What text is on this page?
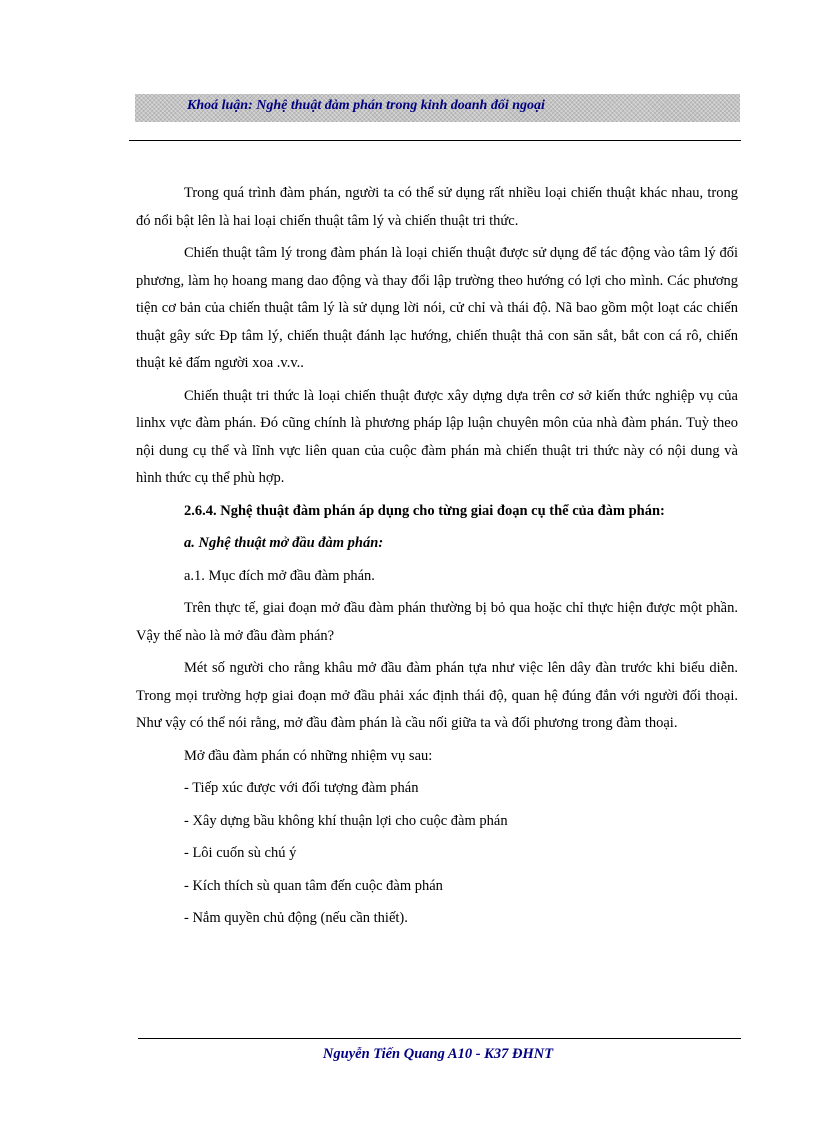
Khoá luận: Nghệ thuật đàm phán trong kinh doanh đối ngoại

Trong quá trình đàm phán, người ta có thể sử dụng rất nhiều loại chiến thuật khác nhau, trong đó nổi bật lên là hai loại chiến thuật tâm lý và chiến thuật tri thức.

Chiến thuật tâm lý trong đàm phán là loại chiến thuật được sử dụng để tác động vào tâm lý đối phương, làm họ hoang mang dao động và thay đổi lập trường theo hướng có lợi cho mình. Các phương tiện cơ bản của chiến thuật tâm lý là sử dụng lời nói, cử chỉ và thái độ. Nã bao gồm một loạt các chiến thuật gây sức Ðp tâm lý, chiến thuật đánh lạc hướng, chiến thuật thả con săn sắt, bắt con cá rô, chiến thuật kẻ đấm người xoa .v.v..

Chiến thuật tri thức là loại chiến thuật được xây dựng dựa trên cơ sở kiến thức nghiệp vụ của linhx vực đàm phán. Đó cũng chính là phương pháp lập luận chuyên môn của nhà đàm phán. Tuỳ theo nội dung cụ thể và lĩnh vực liên quan của cuộc đàm phán mà chiến thuật tri thức này có nội dung và hình thức cụ thể phù hợp.

2.6.4. Nghệ thuật đàm phán áp dụng cho từng giai đoạn cụ thể của đàm phán:

a. Nghệ thuật mở đầu đàm phán:

a.1. Mục đích mở đầu đàm phán.

Trên thực tế, giai đoạn mở đầu đàm phán thường bị bỏ qua hoặc chỉ thực hiện được một phần. Vậy thế nào là mở đầu đàm phán?

Mét số người cho rằng khâu mở đầu đàm phán tựa như việc lên dây đàn trước khi biểu diễn. Trong mọi trường hợp giai đoạn mở đầu phải xác định thái độ, quan hệ đúng đắn với người đối thoại. Như vậy có thể nói rằng, mở đầu đàm phán là cầu nối giữa ta và đối phương trong đàm thoại.

Mở đầu đàm phán có những nhiệm vụ sau:

- Tiếp xúc được với đối tượng đàm phán

- Xây dựng bầu không khí thuận lợi cho cuộc đàm phán

- Lôi cuốn sù chú ý

- Kích thích sù quan tâm đến cuộc đàm phán

- Nắm quyền chủ động (nếu cần thiết).

Nguyễn Tiến Quang A10 - K37 ĐHNT
